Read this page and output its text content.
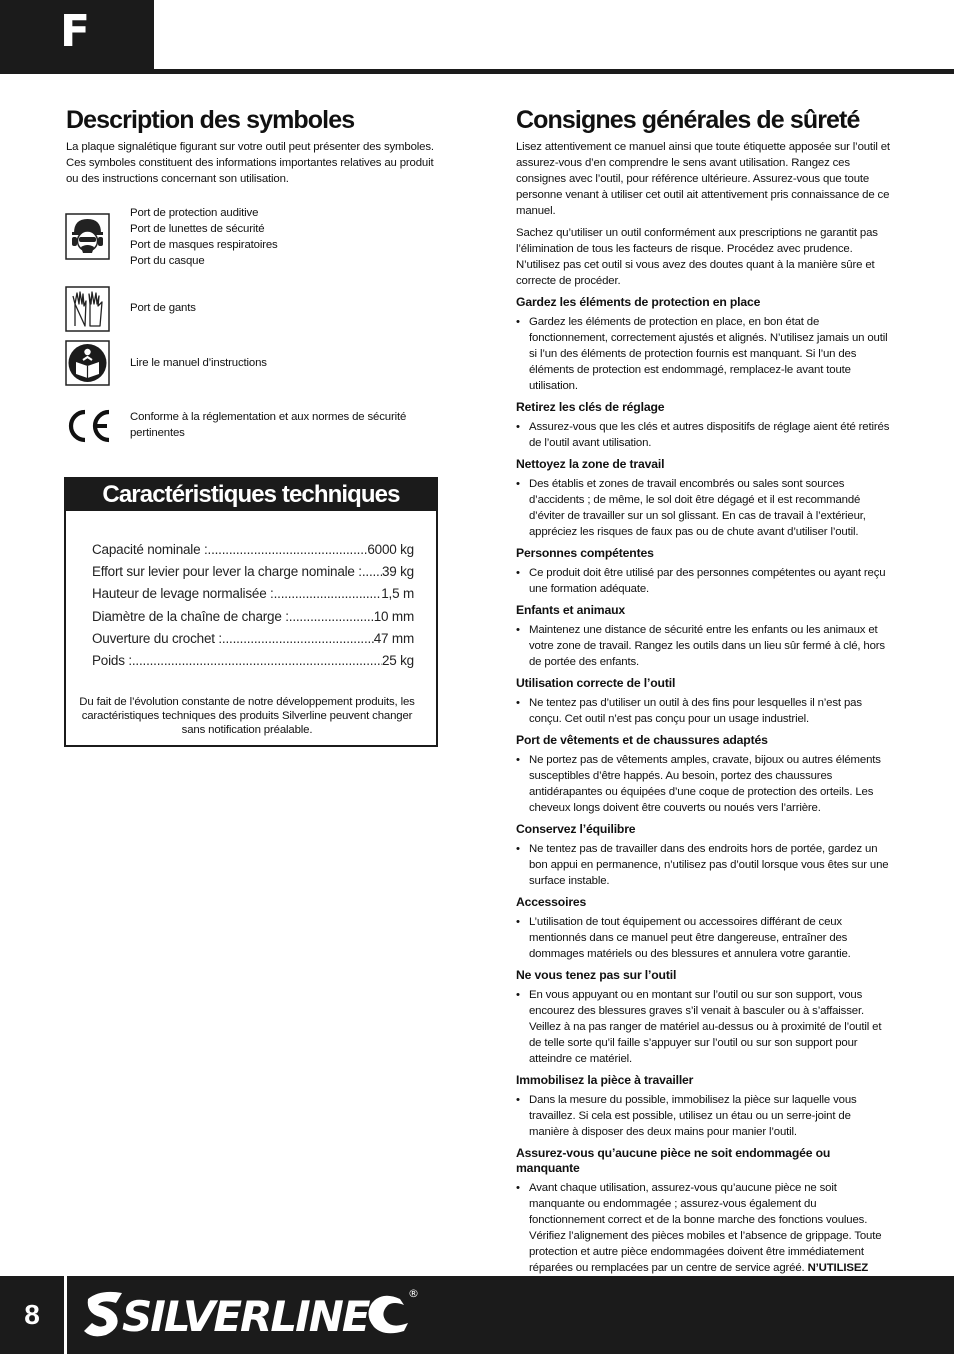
F
Description des symboles

La plaque signalétique figurant sur votre outil peut présenter des symboles. Ces symboles constituent des informations importantes relatives au produit ou des instructions concernant son utilisation.

Port de protection auditive
Port de lunettes de sécurité
Port de masques respiratoires
Port du casque
Port de gants
Lire le manuel d’instructions
Conforme à la réglementation et aux normes de sécurité
pertinentes
Caractéristiques techniques
Capacité nominale : .....	6000 kg
Effort sur levier pour lever la charge nominale : ..... 39 kg
Hauteur de levage normalisée : .....	1,5 m
Diamètre de la chaîne de charge : .....	10 mm
Ouverture du crochet : .....	47 mm
Poids : .....	25 kg
Du fait de l’évolution constante de notre développement produits, les caractéristiques techniques des produits Silverline peuvent changer sans notification préalable.
Consignes générales de sûreté

Lisez attentivement ce manuel ainsi que toute étiquette apposée sur l’outil et assurez-vous d’en comprendre le sens avant utilisation. Rangez ces consignes avec l’outil, pour référence ultérieure. Assurez-vous que toute personne venant à utiliser cet outil ait attentivement pris connaissance de ce manuel.

Sachez qu’utiliser un outil conformément aux prescriptions ne garantit pas l’élimination de tous les facteurs de risque. Procédez avec prudence. N’utilisez pas cet outil si vous avez des doutes quant à la manière sûre et correcte de procéder.

Gardez les éléments de protection en place
• Gardez les éléments de protection en place, en bon état de fonctionnement, correctement ajustés et alignés. N’utilisez jamais un outil si l’un des éléments de protection fournis est manquant. Si l’un des éléments de protection est endommagé, remplacez-le avant toute utilisation.
Retirez les clés de réglage
• Assurez-vous que les clés et autres dispositifs de réglage aient été retirés de l’outil avant utilisation.
Nettoyez la zone de travail
• Des établis et zones de travail encombrés ou sales sont sources d’accidents ; de même, le sol doit être dégagé et il est recommandé d’éviter de travailler sur un sol glissant. En cas de travail à l’extérieur, appréciez les risques de faux pas ou de chute avant d’utiliser l’outil.
Personnes compétentes
• Ce produit doit être utilisé par des personnes compétentes ou ayant reçu une formation adéquate.
Enfants et animaux
• Maintenez une distance de sécurité entre les enfants ou les animaux et votre zone de travail. Rangez les outils dans un lieu sûr fermé à clé, hors de portée des enfants.
Utilisation correcte de l’outil
• Ne tentez pas d’utiliser un outil à des fins pour lesquelles il n’est pas conçu. Cet outil n’est pas conçu pour un usage industriel.
Port de vêtements et de chaussures adaptés
• Ne portez pas de vêtements amples, cravate, bijoux ou autres éléments susceptibles d’être happés. Au besoin, portez des chaussures antidérapantes ou équipées d’une coque de protection des orteils. Les cheveux longs doivent être couverts ou noués vers l’arrière.
Conservez l’équilibre
• Ne tentez pas de travailler dans des endroits hors de portée, gardez un bon appui en permanence, n’utilisez pas d’outil lorsque vous êtes sur une surface instable.
Accessoires
• L’utilisation de tout équipement ou accessoires différant de ceux mentionnés dans ce manuel peut être dangereuse, entraîner des dommages matériels ou des blessures et annulera votre garantie.
Ne vous tenez pas sur l’outil
• En vous appuyant ou en montant sur l’outil ou sur son support, vous encourez des blessures graves s’il venait à basculer ou à s’affaisser. Veillez à na pas ranger de matériel au-dessus ou à proximité de l’outil et de telle sorte qu’il faille s’appuyer sur l’outil ou sur son support pour atteindre ce matériel.
Immobilisez la pièce à travailler
• Dans la mesure du possible, immobilisez la pièce sur laquelle vous travaillez. Si cela est possible, utilisez un étau ou un serre-joint de manière à disposer des deux mains pour manier l’outil.
Assurez-vous qu’aucune pièce ne soit endommagée ou manquante
• Avant chaque utilisation, assurez-vous qu’aucune pièce ne soit manquante ou endommagée ; assurez-vous également du fonctionnement correct et de la bonne marche des fonctions voulues. Vérifiez l’alignement des pièces mobiles et l’absence de grippage. Toute protection et autre pièce endommagées doivent être immédiatement réparées ou remplacées par un centre de service agréé. N’UTILISEZ
8 SILVERLINE	®
